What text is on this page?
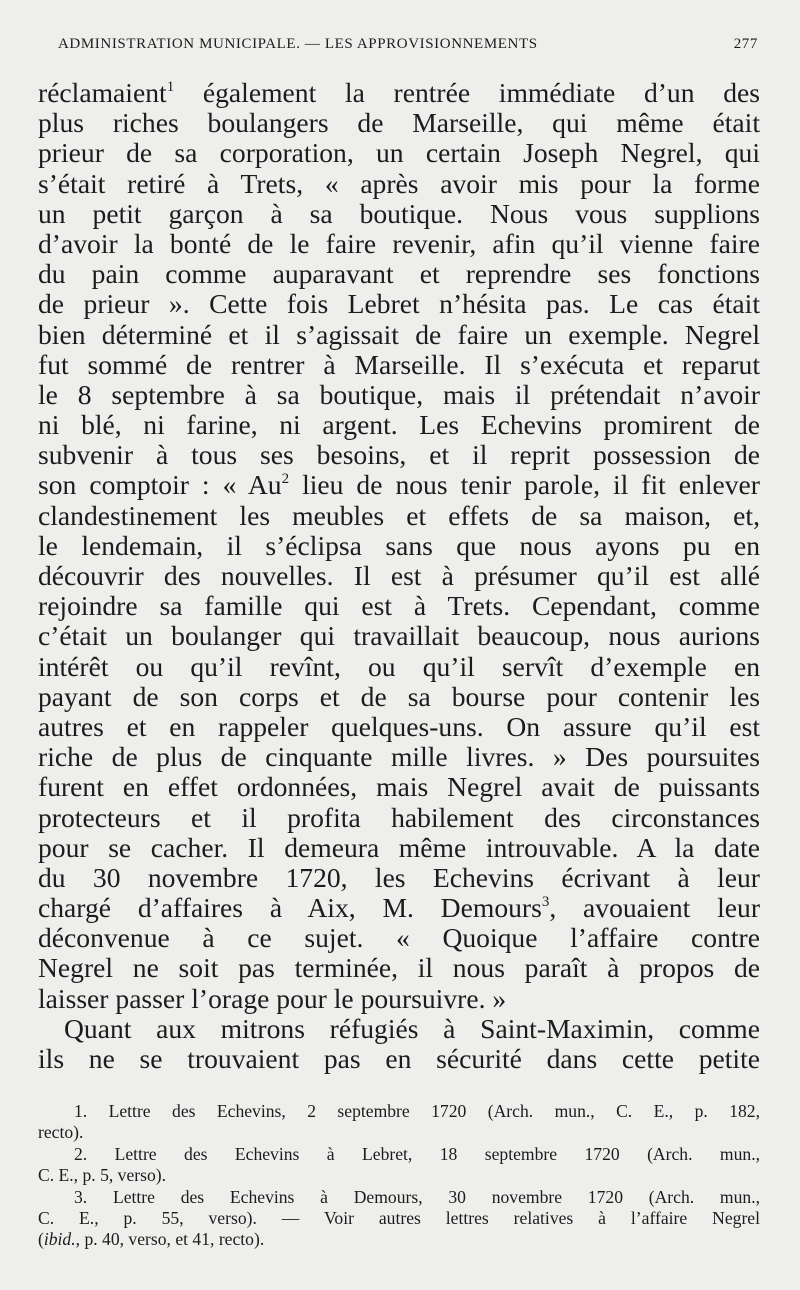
ADMINISTRATION MUNICIPALE. — LES APPROVISIONNEMENTS	277
réclamaient$^1$ également la rentrée immédiate d’un des
plus riches boulangers de Marseille, qui même était
prieur de sa corporation, un certain Joseph Negrel, qui
s’était retiré à Trets, « après avoir mis pour la forme
un petit garçon à sa boutique. Nous vous supplions
d’avoir la bonté de le faire revenir, afin qu’il vienne faire
du pain comme auparavant et reprendre ses fonctions
de prieur ». Cette fois Lebret n’hésita pas. Le cas était
bien déterminé et il s’agissait de faire un exemple. Negrel
fut sommé de rentrer à Marseille. Il s’exécuta et reparut
le 8 septembre à sa boutique, mais il prétendait n’avoir
ni blé, ni farine, ni argent. Les Echevins promirent de
subvenir à tous ses besoins, et il reprit possession de
son comptoir : « Au$^2$ lieu de nous tenir parole, il fit enlever
clandestinement les meubles et effets de sa maison, et,
le lendemain, il s’éclipsa sans que nous ayons pu en
découvrir des nouvelles. Il est à présumer qu’il est allé
rejoindre sa famille qui est à Trets. Cependant, comme
c’était un boulanger qui travaillait beaucoup, nous aurions
intérêt ou qu’il revînt, ou qu’il servît d’exemple en
payant de son corps et de sa bourse pour contenir les
autres et en rappeler quelques-uns. On assure qu’il est
riche de plus de cinquante mille livres. » Des poursuites
furent en effet ordonnées, mais Negrel avait de puissants
protecteurs et il profita habilement des circonstances
pour se cacher. Il demeura même introuvable. A la date
du 30 novembre 1720, les Echevins écrivant à leur
chargé d’affaires à Aix, M. Demours$^3$, avouaient leur
déconvenue à ce sujet. « Quoique l’affaire contre
Negrel ne soit pas terminée, il nous paraît à propos de
laisser passer l’orage pour le poursuivre. »
Quant aux mitrons réfugiés à Saint-Maximin, comme
ils ne se trouvaient pas en sécurité dans cette petite
1. Lettre des Echevins, 2 septembre 1720 (Arch. mun., C. E., p. 182,
recto).
2. Lettre des Echevins à Lebret, 18 septembre 1720 (Arch. mun.,
C. E., p. 5, verso).
3. Lettre des Echevins à Demours, 30 novembre 1720 (Arch. mun.,
C. E., p. 55, verso). — Voir autres lettres relatives à l’affaire Negrel
(ibid., p. 40, verso, et 41, recto).
